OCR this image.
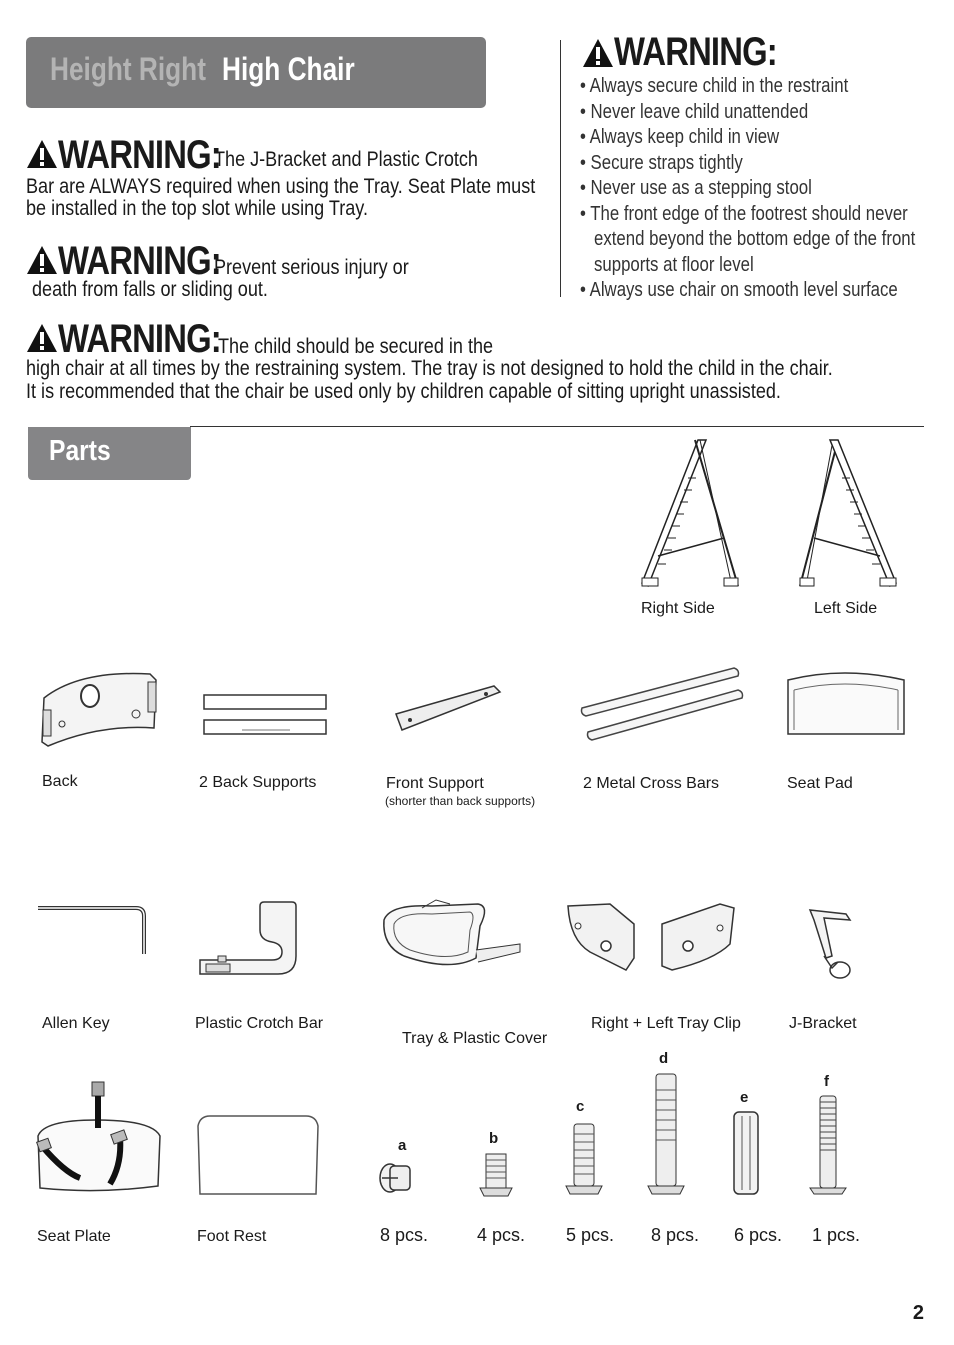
Height Right High Chair
WARNING:
The J-Bracket and Plastic Crotch
Bar are ALWAYS required when using the Tray. Seat Plate must
be installed in the top slot while using Tray.
WARNING:
Prevent serious injury or
death from falls or sliding out.
WARNING:
• Always secure child in the restraint
• Never leave child unattended
• Always keep child in view
• Secure straps tightly
• Never use as a stepping stool
• The front edge of the footrest should never
extend beyond the bottom edge of the front
supports at floor level
• Always use chair on smooth level surface
WARNING:
The child should be secured in the
high chair at all times by the restraining system. The tray is not designed to hold the child in the chair.
It is recommended that the chair be used only by children capable of sitting upright unassisted.
Parts
Right Side	Left Side
Back	2 Back Supports	Front Support
(shorter than back supports)
2 Metal Cross Bars	Seat Pad
Allen Key	Plastic Crotch Bar
Tray & Plastic Cover
Right + Left Tray Clip	J-Bracket
Seat Plate	Foot Rest
a	b
c
d
e
f
8 pcs.	4 pcs. 5 pcs. 8 pcs. 6 pcs. 1 pcs.
2
